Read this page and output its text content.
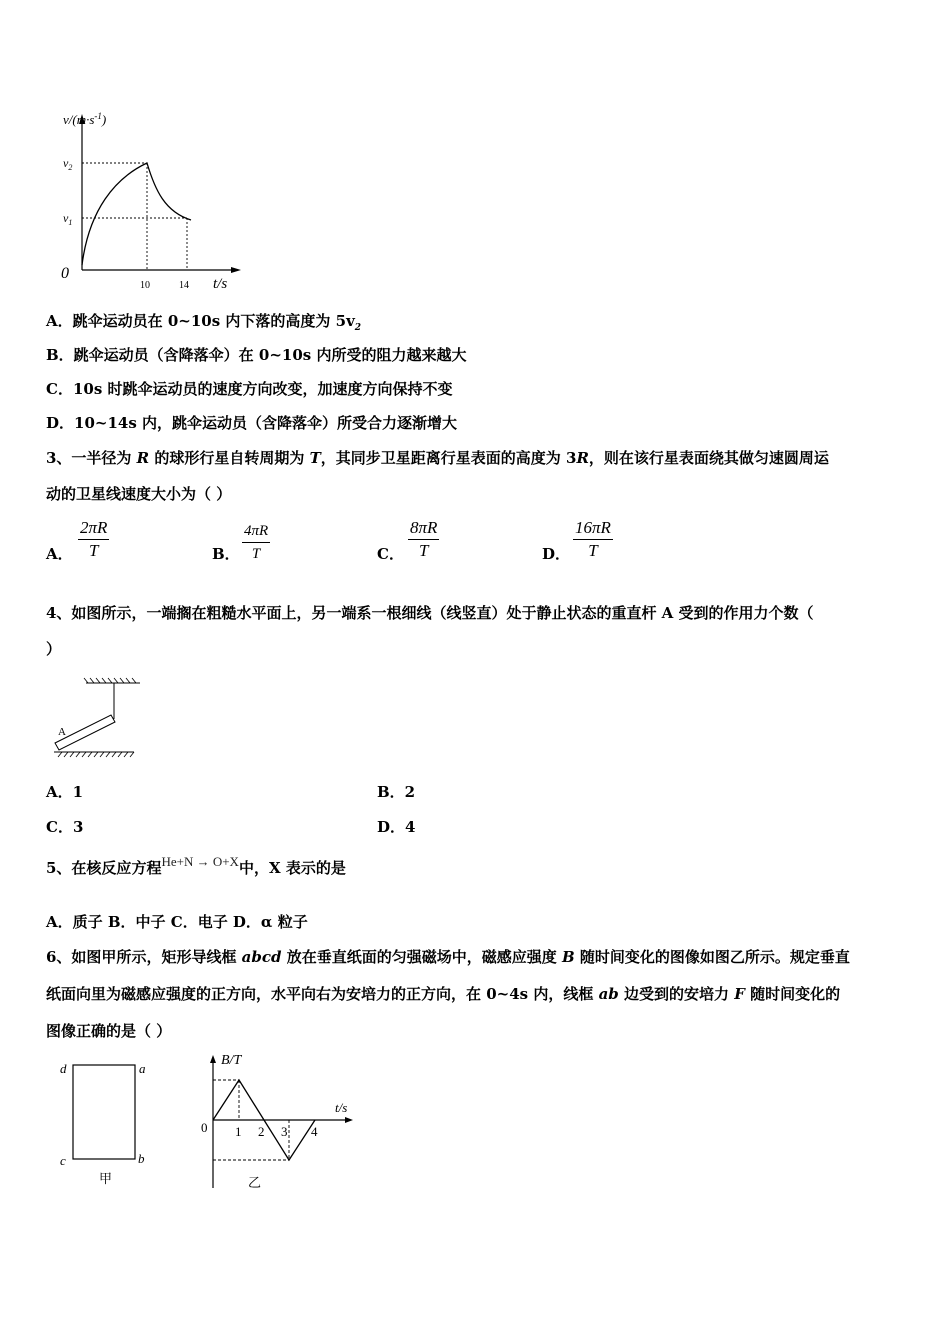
$v/(m\cdot s^{-1})$
$v_2$
$v_1$
0
10	14 t/s
A．跳伞运动员在 0~10s 内下落的高度为 $5v_2$
B．跳伞运动员（含降落伞）在 0~10s 内所受的阻力越来越大
C．10s 时跳伞运动员的速度方向改变，加速度方向保持不变
D．10~14s 内，跳伞运动员（含降落伞）所受合力逐渐增大
3、一半径为 R 的球形行星自转周期为 T，其同步卫星距离行星表面的高度为 3R，则在该行星表面绕其做匀速圆周运
动的卫星线速度大小为（ ）
A． $\frac{2\pi R}{T}$	B． $\frac{4\pi R}{T}$	C． $\frac{8\pi R}{T}$	D． $\frac{16\pi R}{T}$
4、如图所示，一端搁在粗糙水平面上，另一端系一根细线（线竖直）处于静止状态的重直杆 A 受到的作用力个数（
）
A
A．1	B．2
C．3	D．4
5、在核反应方程He+N → O+X中，X 表示的是
A．质子 B．中子 C．电子 D．α 粒子
6、如图甲所示，矩形导线框 abcd 放在垂直纸面的匀强磁场中，磁感应强度 B 随时间变化的图像如图乙所示。规定垂直
纸面向里为磁感应强度的正方向，水平向右为安培力的正方向，在 0~4s 内，线框 ab 边受到的安培力 F 随时间变化的
图像正确的是（ ）
d	a
c	b
甲
B/T
t/s
0 1 2 3 4
乙
